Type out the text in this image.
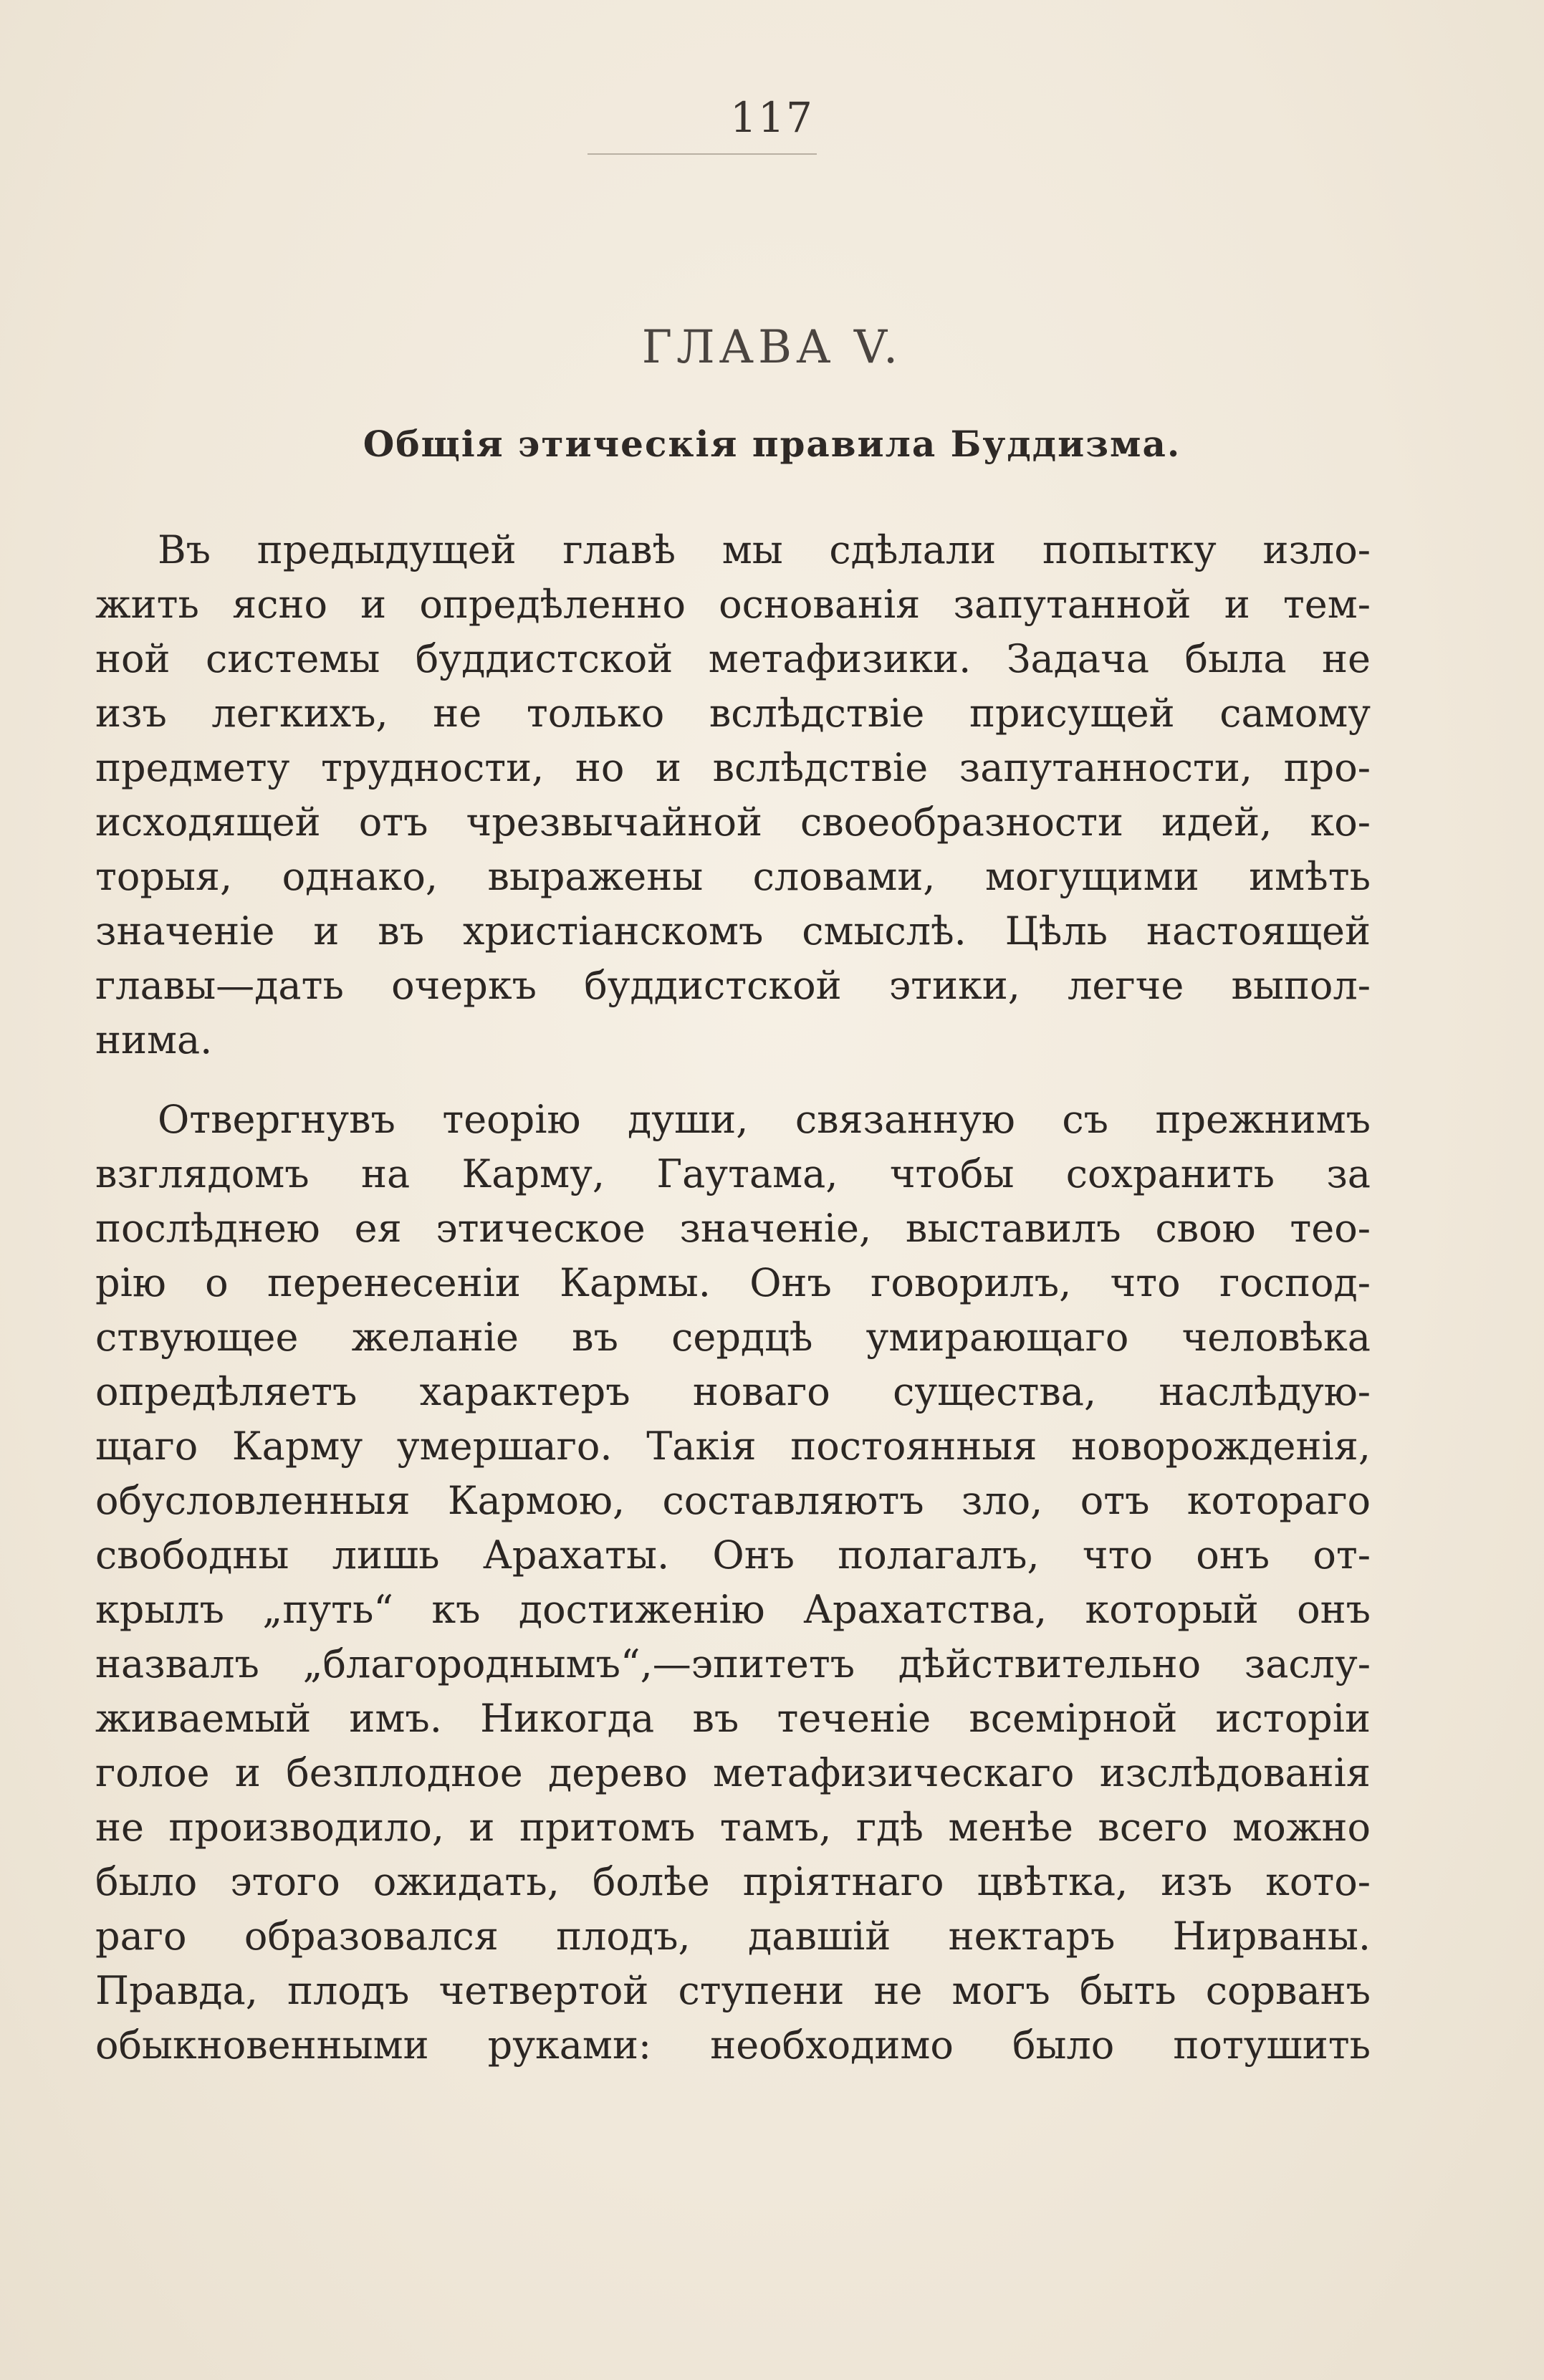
117
ГЛАВА V.
Общія этическія правила Буддизма.
Въ предыдущей главѣ мы сдѣлали попытку изло-
жить ясно и опредѣленно основанія запутанной и тем-
ной системы буддистской метафизики. Задача была не
изъ легкихъ, не только вслѣдствіе присущей самому
предмету трудности, но и вслѣдствіе запутанности, про-
исходящей отъ чрезвычайной своеобразности идей, ко-
торыя, однако, выражены словами, могущими имѣть
значеніе и въ христіанскомъ смыслѣ. Цѣль настоящей
главы—дать очеркъ буддистской этики, легче выпол-
нима.
Отвергнувъ теорію души, связанную съ прежнимъ
взглядомъ на Карму, Гаутама, чтобы сохранить за
послѣднею ея этическое значеніе, выставилъ свою тео-
рію о перенесеніи Кармы. Онъ говорилъ, что господ-
ствующее желаніе въ сердцѣ умирающаго человѣка
опредѣляетъ характеръ новаго существа, наслѣдую-
щаго Карму умершаго. Такія постоянныя новорожденія,
обусловленныя Кармою, составляютъ зло, отъ котораго
свободны лишь Арахаты. Онъ полагалъ, что онъ от-
крылъ „путь“ къ достиженію Арахатства, который онъ
назвалъ „благороднымъ“,—эпитетъ дѣйствительно заслу-
живаемый имъ. Никогда въ теченіе всемірной исторіи
голое и безплодное дерево метафизическаго изслѣдованія
не производило, и притомъ тамъ, гдѣ менѣе всего можно
было этого ожидать, болѣе пріятнаго цвѣтка, изъ кото-
раго образовался плодъ, давшій нектаръ Нирваны.
Правда, плодъ четвертой ступени не могъ быть сорванъ
обыкновенными руками: необходимо было потушить
